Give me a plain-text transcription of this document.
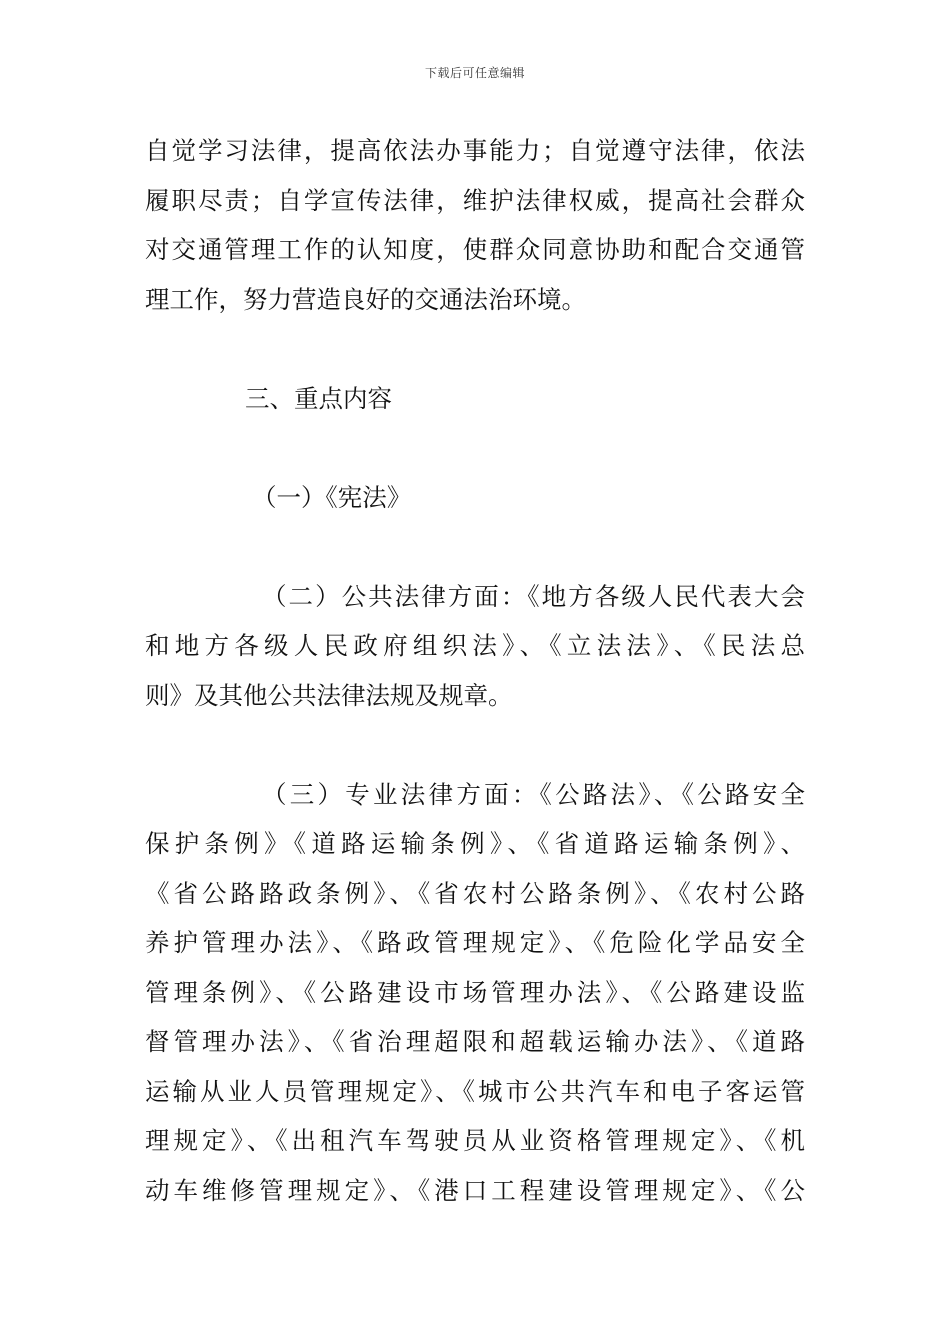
下载后可任意编辑
自觉学习法律，提高依法办事能力；自觉遵守法律，依法
履职尽责；自学宣传法律，维护法律权威，提高社会群众
对交通管理工作的认知度，使群众同意协助和配合交通管
理工作，努力营造良好的交通法治环境。
三、重点内容
（一）《宪法》
（二）公共法律方面：《地方各级人民代表大会
和地方各级人民政府组织法》、《立法法》、《民法总
则》及其他公共法律法规及规章。
（三）专业法律方面：《公路法》、《公路安全
保护条例》《道路运输条例》、《省道路运输条例》、
《省公路路政条例》、《省农村公路条例》、《农村公路
养护管理办法》、《路政管理规定》、《危险化学品安全
管理条例》、《公路建设市场管理办法》、《公路建设监
督管理办法》、《省治理超限和超载运输办法》、《道路
运输从业人员管理规定》、《城市公共汽车和电子客运管
理规定》、《出租汽车驾驶员从业资格管理规定》、《机
动车维修管理规定》、《港口工程建设管理规定》、《公
